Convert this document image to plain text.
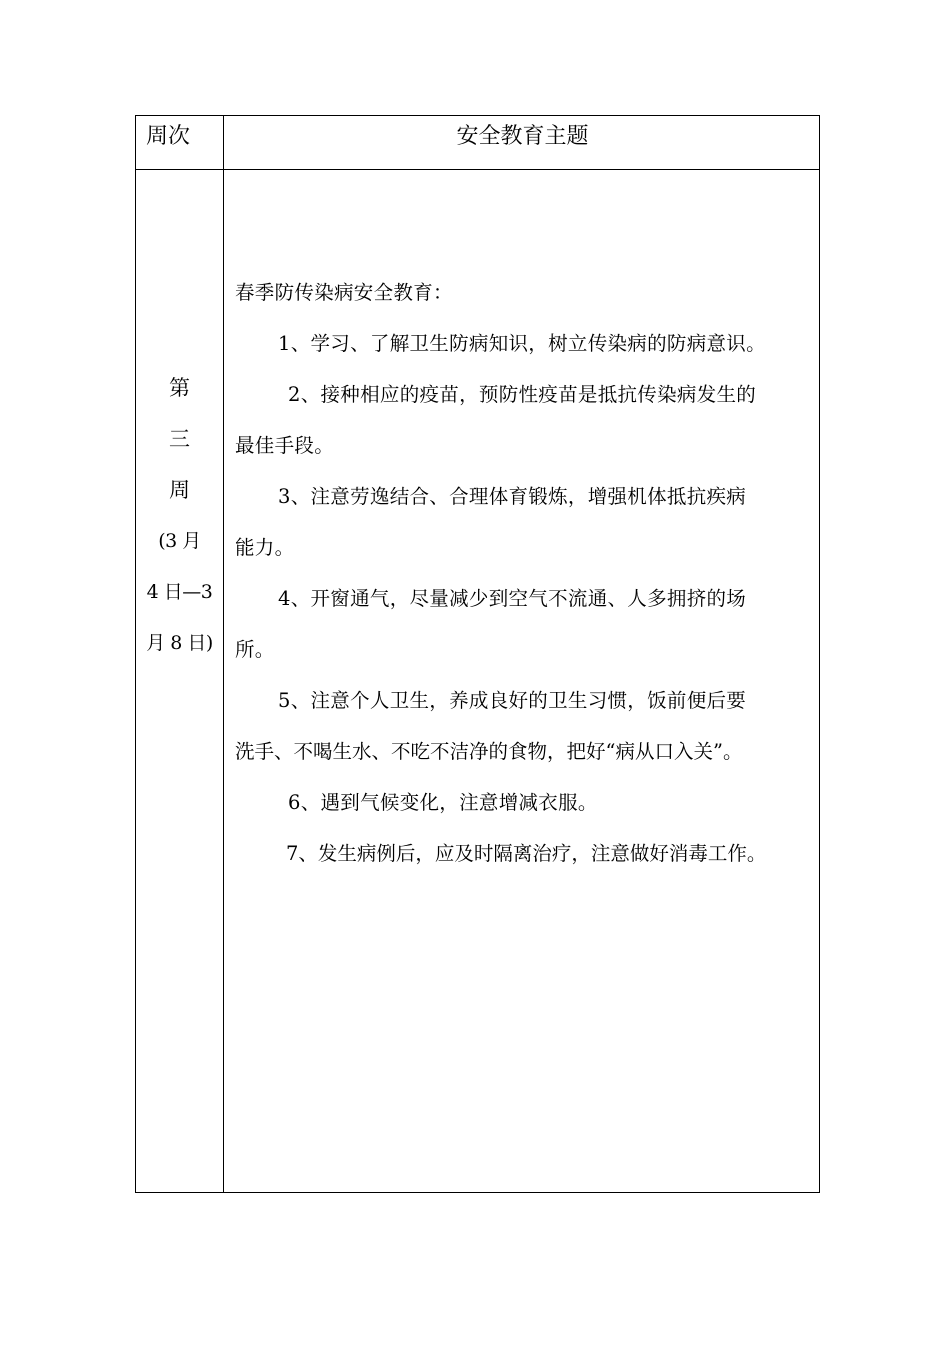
周次	安全教育主题
第
三
周
(3 月
4 日—3
月 8 日)
春季防传染病安全教育：
1、学习、了解卫生防病知识，树立传染病的防病意识。
2、接种相应的疫苗，预防性疫苗是抵抗传染病发生的
最佳手段。
3、注意劳逸结合、合理体育锻炼，增强机体抵抗疾病
能力。
4、开窗通气，尽量减少到空气不流通、人多拥挤的场
所。
5、注意个人卫生，养成良好的卫生习惯，饭前便后要
洗手、不喝生水、不吃不洁净的食物，把好“病从口入关”。
6、遇到气候变化，注意增减衣服。
7、发生病例后，应及时隔离治疗，注意做好消毒工作。
